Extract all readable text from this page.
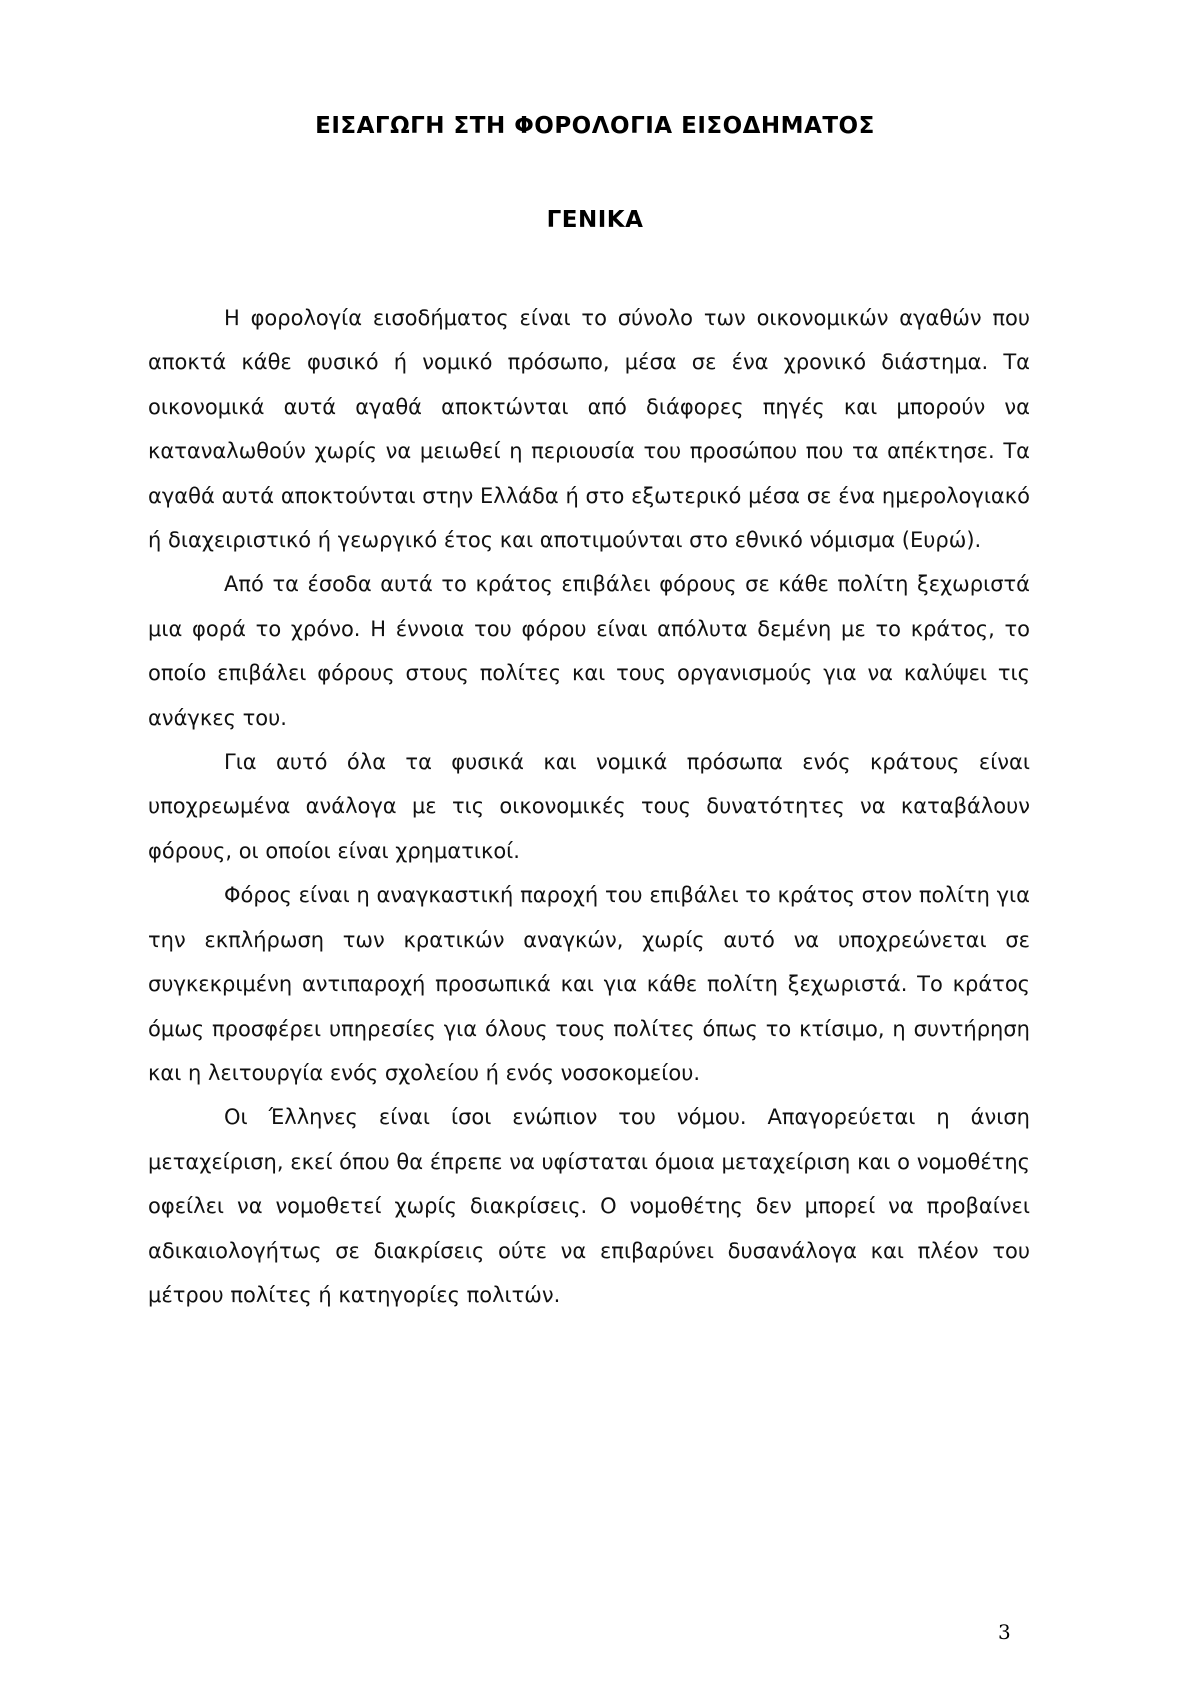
ΕΙΣΑΓΩΓΗ ΣΤΗ ΦΟΡΟΛΟΓΙΑ ΕΙΣΟΔΗΜΑΤΟΣ
ΓΕΝΙΚΑ

Η φορολογία εισοδήματος είναι το σύνολο των οικονομικών αγαθών που αποκτά κάθε φυσικό ή νομικό πρόσωπο, μέσα σε ένα χρονικό διάστημα. Τα οικονομικά αυτά αγαθά αποκτώνται από διάφορες πηγές και μπορούν να καταναλωθούν χωρίς να μειωθεί η περιουσία του προσώπου που τα απέκτησε. Τα αγαθά αυτά αποκτούνται στην Ελλάδα ή στο εξωτερικό μέσα σε ένα ημερολογιακό ή διαχειριστικό ή γεωργικό έτος και αποτιμούνται στο εθνικό νόμισμα (Ευρώ).

Από τα έσοδα αυτά το κράτος επιβάλει φόρους σε κάθε πολίτη ξεχωριστά μια φορά το χρόνο. Η έννοια του φόρου είναι απόλυτα δεμένη με το κράτος, το οποίο επιβάλει φόρους στους πολίτες και τους οργανισμούς για να καλύψει τις ανάγκες του.

Για αυτό όλα τα φυσικά και νομικά πρόσωπα ενός κράτους είναι υποχρεωμένα ανάλογα με τις οικονομικές τους δυνατότητες να καταβάλουν φόρους, οι οποίοι είναι χρηματικοί.

Φόρος είναι η αναγκαστική παροχή του επιβάλει το κράτος στον πολίτη για την εκπλήρωση των κρατικών αναγκών, χωρίς αυτό να υποχρεώνεται σε συγκεκριμένη αντιπαροχή προσωπικά και για κάθε πολίτη ξεχωριστά. Το κράτος όμως προσφέρει υπηρεσίες για όλους τους πολίτες όπως το κτίσιμο, η συντήρηση και η λειτουργία ενός σχολείου ή ενός νοσοκομείου.

Οι Έλληνες είναι ίσοι ενώπιον του νόμου. Απαγορεύεται η άνιση μεταχείριση, εκεί όπου θα έπρεπε να υφίσταται όμοια μεταχείριση και ο νομοθέτης οφείλει να νομοθετεί χωρίς διακρίσεις. Ο νομοθέτης δεν μπορεί να προβαίνει αδικαιολογήτως σε διακρίσεις ούτε να επιβαρύνει δυσανάλογα και πλέον του μέτρου πολίτες ή κατηγορίες πολιτών.

3
